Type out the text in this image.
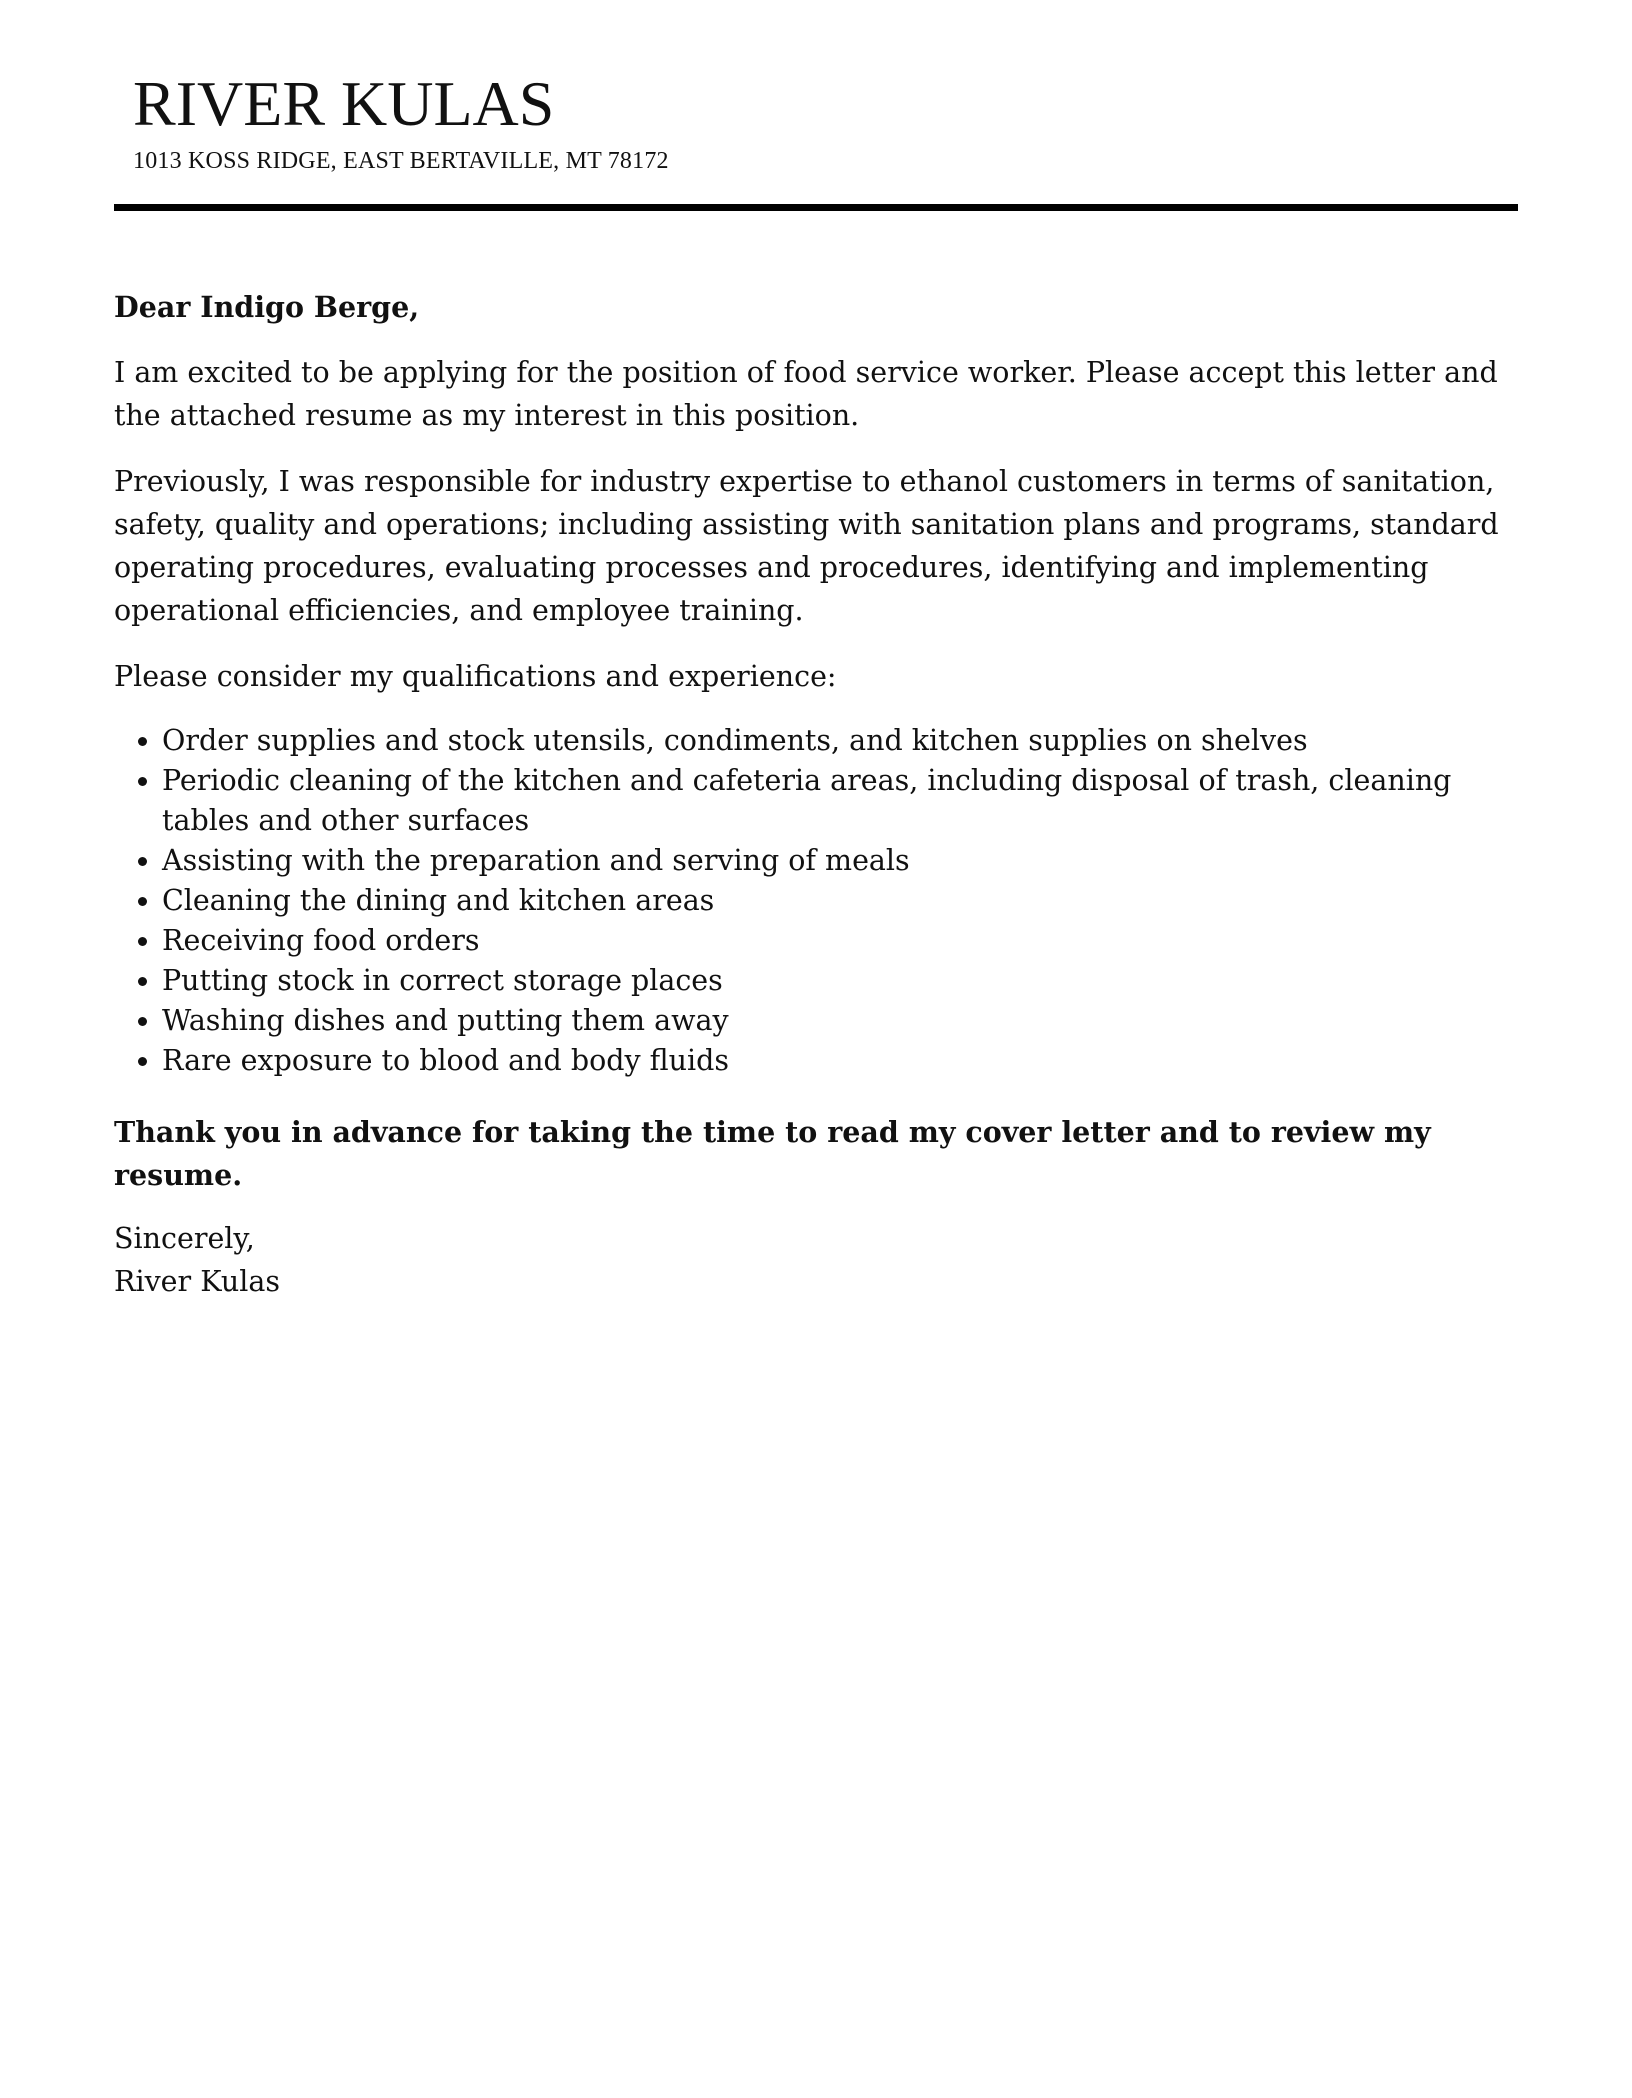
RIVER KULAS
1013 KOSS RIDGE, EAST BERTAVILLE, MT 78172

Dear Indigo Berge,

I am excited to be applying for the position of food service worker. Please accept this letter and the attached resume as my interest in this position.

Previously, I was responsible for industry expertise to ethanol customers in terms of sanitation, safety, quality and operations; including assisting with sanitation plans and programs, standard operating procedures, evaluating processes and procedures, identifying and implementing operational efficiencies, and employee training.

Please consider my qualifications and experience:

• Order supplies and stock utensils, condiments, and kitchen supplies on shelves
• Periodic cleaning of the kitchen and cafeteria areas, including disposal of trash, cleaning tables and other surfaces
• Assisting with the preparation and serving of meals
• Cleaning the dining and kitchen areas
• Receiving food orders
• Putting stock in correct storage places
• Washing dishes and putting them away
• Rare exposure to blood and body fluids

Thank you in advance for taking the time to read my cover letter and to review my resume.

Sincerely,

River Kulas
